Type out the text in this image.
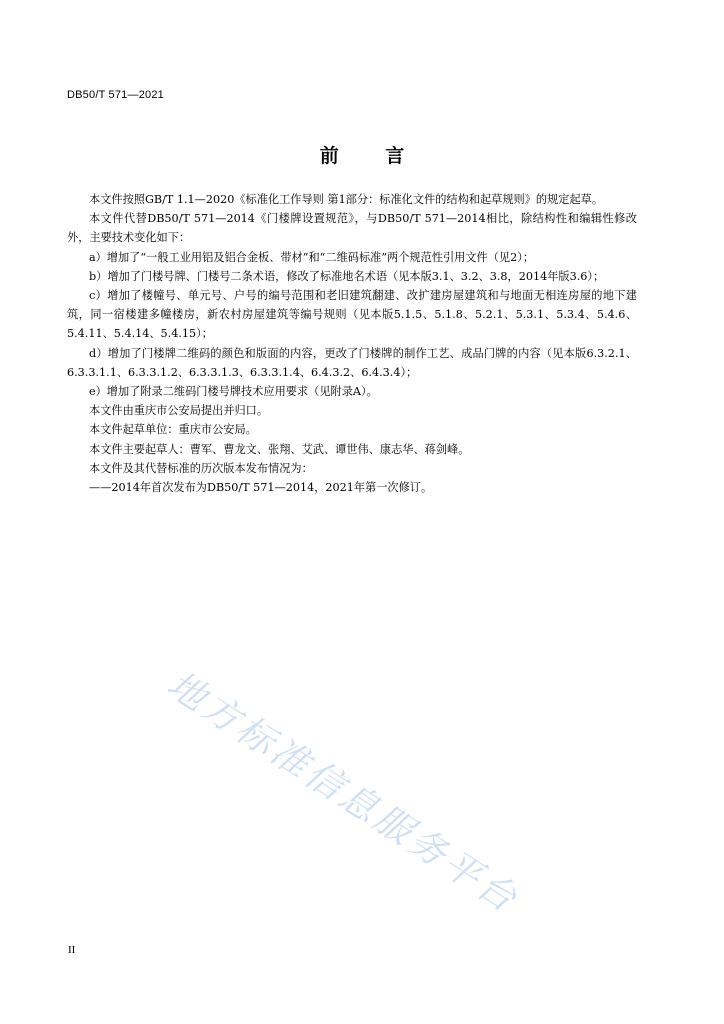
DB50/T 571—2021
前 言

本文件按照GB/T 1.1—2020《标准化工作导则 第1部分：标准化文件的结构和起草规则》的规定起草。

本文件代替DB50/T 571—2014《门楼牌设置规范》，与DB50/T 571—2014相比，除结构性和编辑性修改外，主要技术变化如下：

a）增加了“一般工业用铝及铝合金板、带材”和“二维码标准”两个规范性引用文件（见2）；

b）增加了门楼号牌、门楼号二条术语，修改了标准地名术语（见本版3.1、3.2、3.8，2014年版3.6）；

c）增加了楼幢号、单元号、户号的编号范围和老旧建筑翻建、改扩建房屋建筑和与地面无相连房屋的地下建筑，同一宿楼建多幢楼房，新农村房屋建筑等编号规则（见本版5.1.5、5.1.8、5.2.1、5.3.1、5.3.4、5.4.6、5.4.11、5.4.14、5.4.15）；

d）增加了门楼牌二维码的颜色和版面的内容，更改了门楼牌的制作工艺、成品门牌的内容（见本版6.3.2.1、6.3.3.1.1、6.3.3.1.2、6.3.3.1.3、6.3.3.1.4、6.4.3.2、6.4.3.4）；

e）增加了附录二维码门楼号牌技术应用要求（见附录A）。

本文件由重庆市公安局提出并归口。

本文件起草单位：重庆市公安局。

本文件主要起草人：曹军、曹龙文、张翔、艾武、谭世伟、康志华、蒋剑峰。

本文件及其代替标准的历次版本发布情况为：

——2014年首次发布为DB50/T 571—2014，2021年第一次修订。

地方标准信息服务平台
II
